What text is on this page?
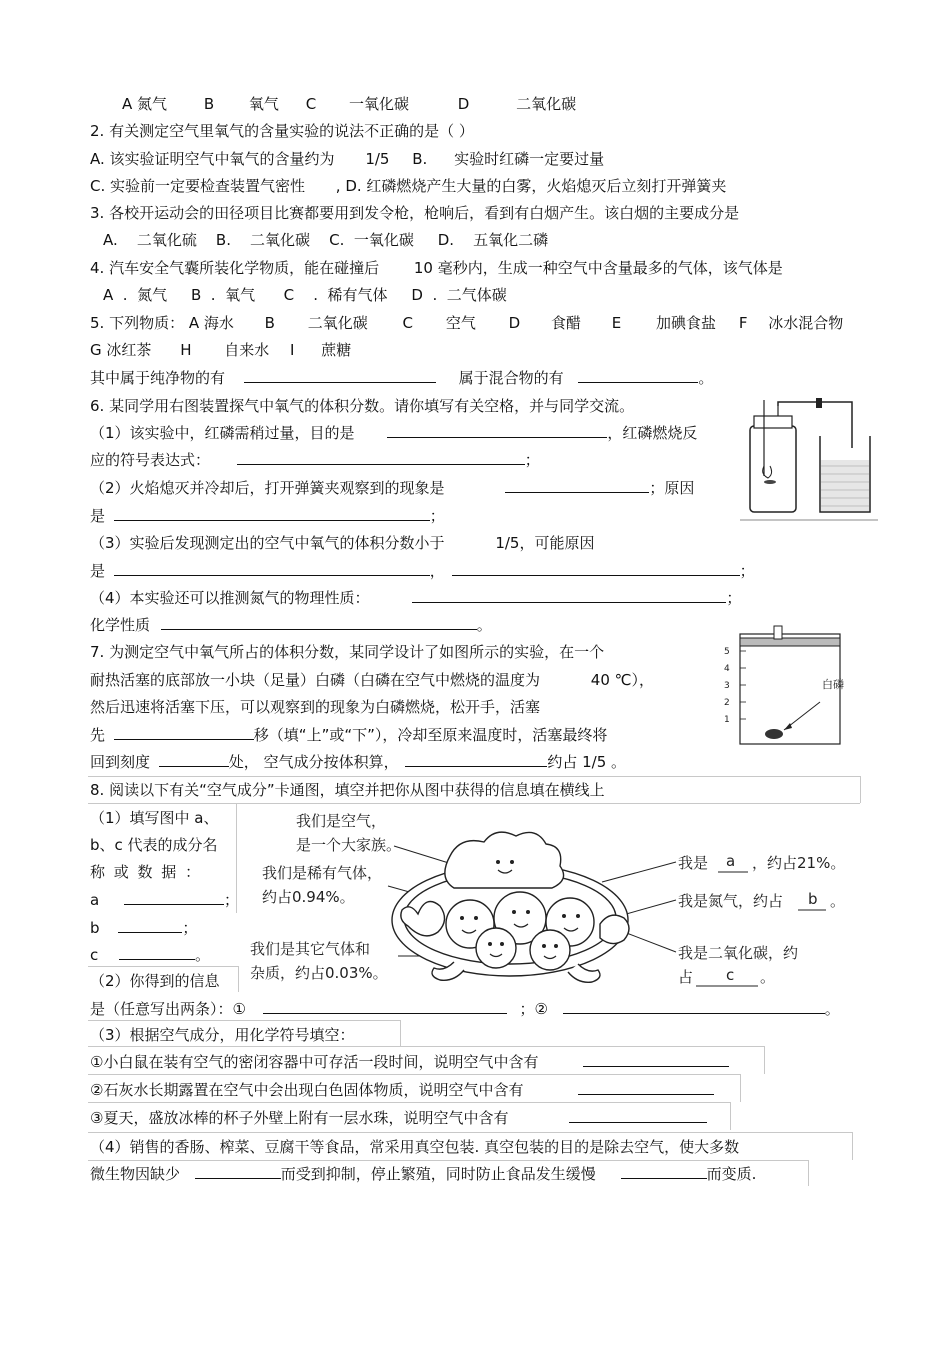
A 氮气 B 氧气 C 一氧化碳	D	二氧化碳
2. 有关测定空气里氧气的含量实验的说法不正确的是（ ）
A. 该实验证明空气中氧气的含量约为 1/5 B. 实验时红磷一定要过量
C. 实验前一定要检查装置气密性 , D. 红磷燃烧产生大量的白雾，火焰熄灭后立刻打开弹簧夹
3. 各校开运动会的田径项目比赛都要用到发令枪，枪响后，看到有白烟产生。该白烟的主要成分是
A.    二氧化硫    B.    二氧化碳    C.  一氧化碳     D.    五氧化二磷
4. 汽车安全气囊所装化学物质，能在碰撞后 10 毫秒内，生成一种空气中含量最多的气体，该气体是
A  .  氮气     B  .  氧气      C    .  稀有气体     D  .  二气体碳
5. 下列物质： A 海水 B 二氧化碳 C 空气 D 食醋 E 加碘食盐 F 冰水混合物
G 冰红茶 H 自来水 I 蔗糖
其中属于纯净物的有	属于混合物的有	。
6. 某同学用右图装置探气中氧气的体积分数。请你填写有关空格，并与同学交流。
（1）该实验中，红磷需稍过量，目的是	，红磷燃烧反
应的符号表达式：	；
（2）火焰熄灭并冷却后，打开弹簧夹观察到的现象是	；原因
是	；
（3）实验后发现测定出的空气中氧气的体积分数小于	1/5，可能原因
是	，	；
（4）本实验还可以推测氮气的物理性质：	；
化学性质	。
7. 为测定空气中氧气所占的体积分数，某同学设计了如图所示的实验，在一个
耐热活塞的底部放一小块（足量）白磷（白磷在空气中燃烧的温度为	40 ℃），
然后迅速将活塞下压，可以观察到的现象为白磷燃烧，松开手，活塞
先	移（填“上”或“下”），冷却至原来温度时，活塞最终将
回到刻度	处， 空气成分按体积算，	约占 1/5 。
5
4
3
2
1
白磷
8. 阅读以下有关“空气成分”卡通图，填空并把你从图中获得的信息填在横线上
（1）填写图中 a、
b、c 代表的成分名
称 或 数 据 ：
a	；
b	；
c	。
我们是空气，
是一个大家族。
我们是稀有气体，
约占0.94%。
我们是其它气体和
杂质，约占0.03%。
我是 a ，约占21%。
我是氮气，约占 b 。
我是二氧化碳，约
占 c 。
（2）你得到的信息
是（任意写出两条）：①	；②	。
（3）根据空气成分，用化学符号填空：
①小白鼠在装有空气的密闭容器中可存活一段时间，说明空气中含有
②石灰水长期露置在空气中会出现白色固体物质，说明空气中含有
③夏天，盛放冰棒的杯子外壁上附有一层水珠，说明空气中含有
（4）销售的香肠、榨菜、豆腐干等食品，常采用真空包装. 真空包装的目的是除去空气，使大多数
微生物因缺少	而受到抑制，停止繁殖，同时防止食品发生缓慢	而变质.
